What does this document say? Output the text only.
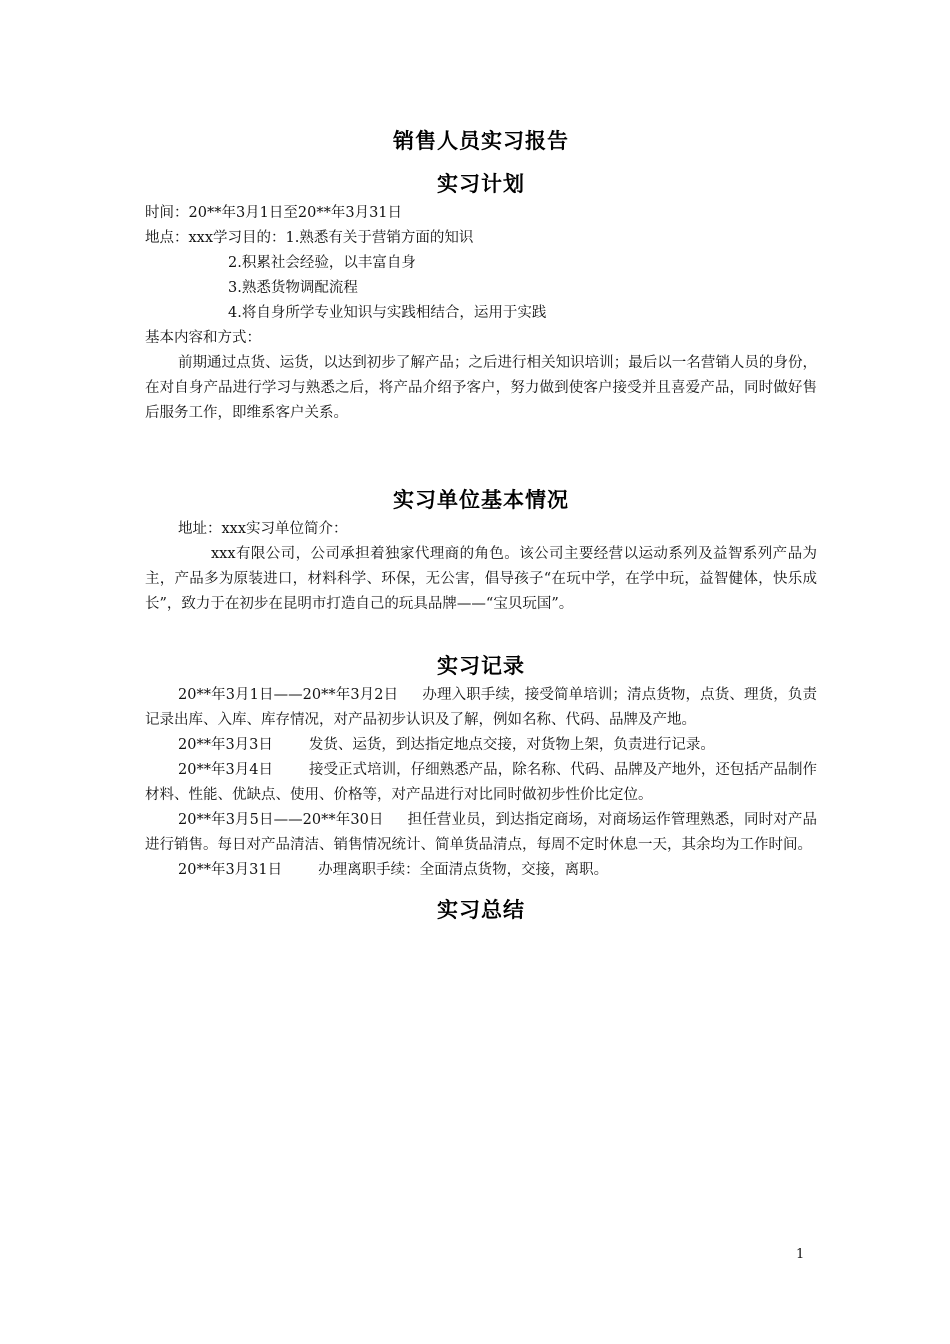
销售人员实习报告
实习计划

时间：20**年3月1日至20**年3月31日

地点：xxx学习目的：1.熟悉有关于营销方面的知识

2.积累社会经验，以丰富自身

3.熟悉货物调配流程

4.将自身所学专业知识与实践相结合，运用于实践

基本内容和方式：

前期通过点货、运货，以达到初步了解产品；之后进行相关知识培训；最后以一名营销人员的身份，在对自身产品进行学习与熟悉之后，将产品介绍予客户，努力做到使客户接受并且喜爱产品，同时做好售后服务工作，即维系客户关系。

实习单位基本情况

地址：xxx实习单位简介：

xxx有限公司，公司承担着独家代理商的角色。该公司主要经营以运动系列及益智系列产品为主，产品多为原装进口，材料科学、环保，无公害，倡导孩子“在玩中学，在学中玩，益智健体，快乐成长”，致力于在初步在昆明市打造自己的玩具品牌——“宝贝玩国”。

实习记录

20**年3月1日——20**年3月2日 办理入职手续，接受简单培训；清点货物，点货、理货，负责记录出库、入库、库存情况，对产品初步认识及了解，例如名称、代码、品牌及产地。

20**年3月3日 发货、运货，到达指定地点交接，对货物上架，负责进行记录。

20**年3月4日 接受正式培训，仔细熟悉产品，除名称、代码、品牌及产地外，还包括产品制作材料、性能、优缺点、使用、价格等，对产品进行对比同时做初步性价比定位。

20**年3月5日——20**年30日 担任营业员，到达指定商场，对商场运作管理熟悉，同时对产品进行销售。每日对产品清洁、销售情况统计、简单货品清点，每周不定时休息一天，其余均为工作时间。

20**年3月31日 办理离职手续：全面清点货物，交接，离职。

实习总结
1
